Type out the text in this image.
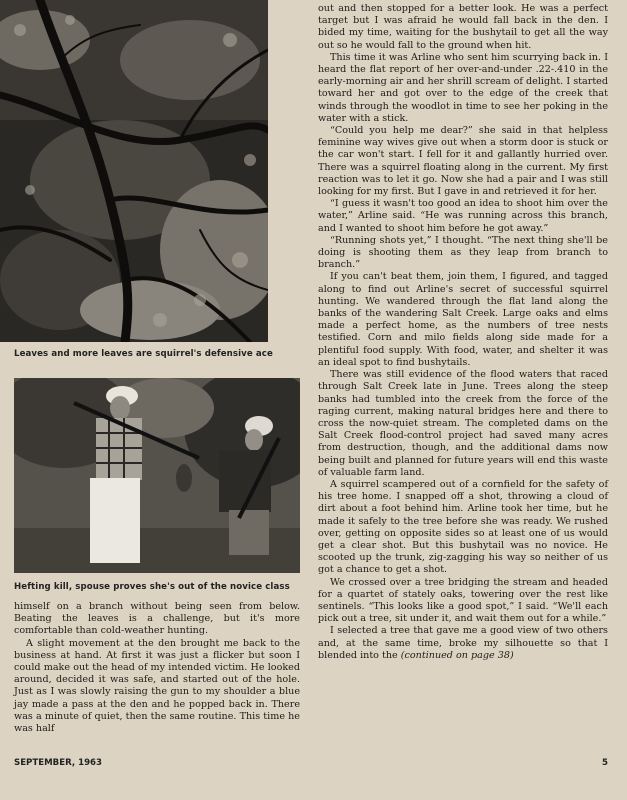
Leaves and more leaves are squirrel's defensive ace
Hefting kill, spouse proves she's out of the novice class

himself on a branch without being seen from below. Beating the leaves is a challenge, but it's more comfortable than cold-weather hunting.

A slight movement at the den brought me back to the business at hand. At first it was just a flicker but soon I could make out the head of my intended victim. He looked around, decided it was safe, and started out of the hole. Just as I was slowly raising the gun to my shoulder a blue jay made a pass at the den and he popped back in. There was a minute of quiet, then the same routine. This time he was half

out and then stopped for a better look. He was a perfect target but I was afraid he would fall back in the den. I bided my time, waiting for the bushytail to get all the way out so he would fall to the ground when hit.

This time it was Arline who sent him scurrying back in. I heard the flat report of her over-and-under .22-.410 in the early-morning air and her shrill scream of delight. I started toward her and got over to the edge of the creek that winds through the woodlot in time to see her poking in the water with a stick.

“Could you help me dear?” she said in that helpless feminine way wives give out when a storm door is stuck or the car won't start. I fell for it and gallantly hurried over. There was a squirrel floating along in the current. My first reaction was to let it go. Now she had a pair and I was still looking for my first. But I gave in and retrieved it for her.

“I guess it wasn't too good an idea to shoot him over the water,” Arline said. “He was running across this branch, and I wanted to shoot him before he got away.”

“Running shots yet,” I thought. “The next thing she'll be doing is shooting them as they leap from branch to branch.”

If you can't beat them, join them, I figured, and tagged along to find out Arline's secret of successful squirrel hunting. We wandered through the flat land along the banks of the wandering Salt Creek. Large oaks and elms made a perfect home, as the numbers of tree nests testified. Corn and milo fields along side made for a plentiful food supply. With food, water, and shelter it was an ideal spot to find bushytails.

There was still evidence of the flood waters that raced through Salt Creek late in June. Trees along the steep banks had tumbled into the creek from the force of the raging current, making natural bridges here and there to cross the now-quiet stream. The completed dams on the Salt Creek flood-control project had saved many acres from destruction, though, and the additional dams now being built and planned for future years will end this waste of valuable farm land.

A squirrel scampered out of a cornfield for the safety of his tree home. I snapped off a shot, throwing a cloud of dirt about a foot behind him. Arline took her time, but he made it safely to the tree before she was ready. We rushed over, getting on opposite sides so at least one of us would get a clear shot. But this bushytail was no novice. He scooted up the trunk, zig-zagging his way so neither of us got a chance to get a shot.

We crossed over a tree bridging the stream and headed for a quartet of stately oaks, towering over the rest like sentinels. “This looks like a good spot,” I said. “We'll each pick out a tree, sit under it, and wait them out for a while.”

I selected a tree that gave me a good view of two others and, at the same time, broke my silhouette so that I blended into the (continued on page 38)

SEPTEMBER, 1963	5
